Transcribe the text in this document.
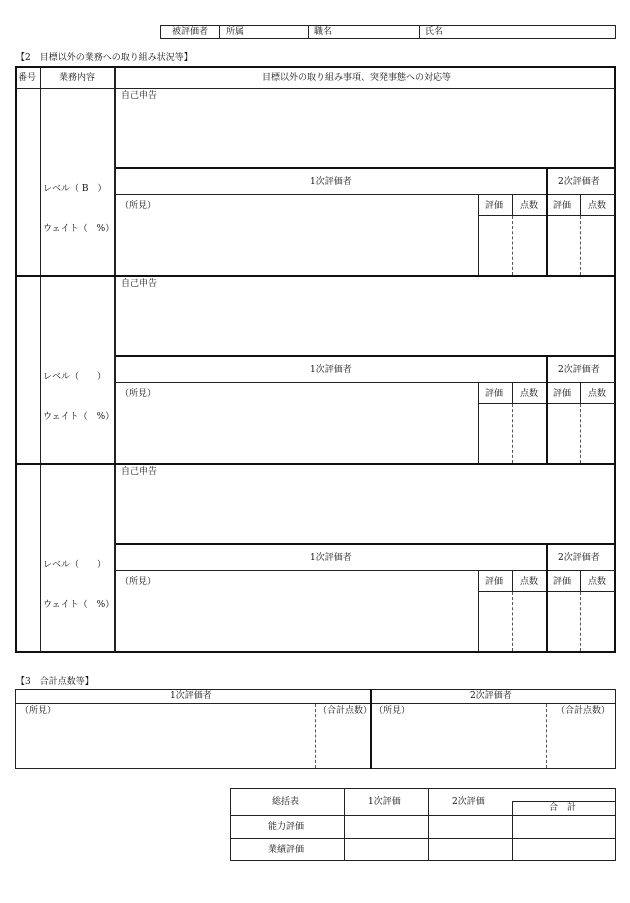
被評価者 所属	職名	氏名
【2　目標以外の業務への取り組み状況等】
番号	業務内容	目標以外の取り組み事項、突発事態への対応等
自己申告
レベル（ B　）
ウェイト（　%）
1次評価者	2次評価者
（所見）	評価 点数 評価 点数
自己申告
レベル（　　）
ウェイト（　%）
1次評価者	2次評価者
（所見）	評価 点数 評価 点数
自己申告
レベル（　　）
ウェイト（　%）
1次評価者	2次評価者
（所見）	評価 点数 評価 点数
【3　合計点数等】
1次評価者	2次評価者
（所見）	（合計点数） （所見）	（合計点数）
総括表	1次評価	2次評価
合　計
能力評価
業績評価
